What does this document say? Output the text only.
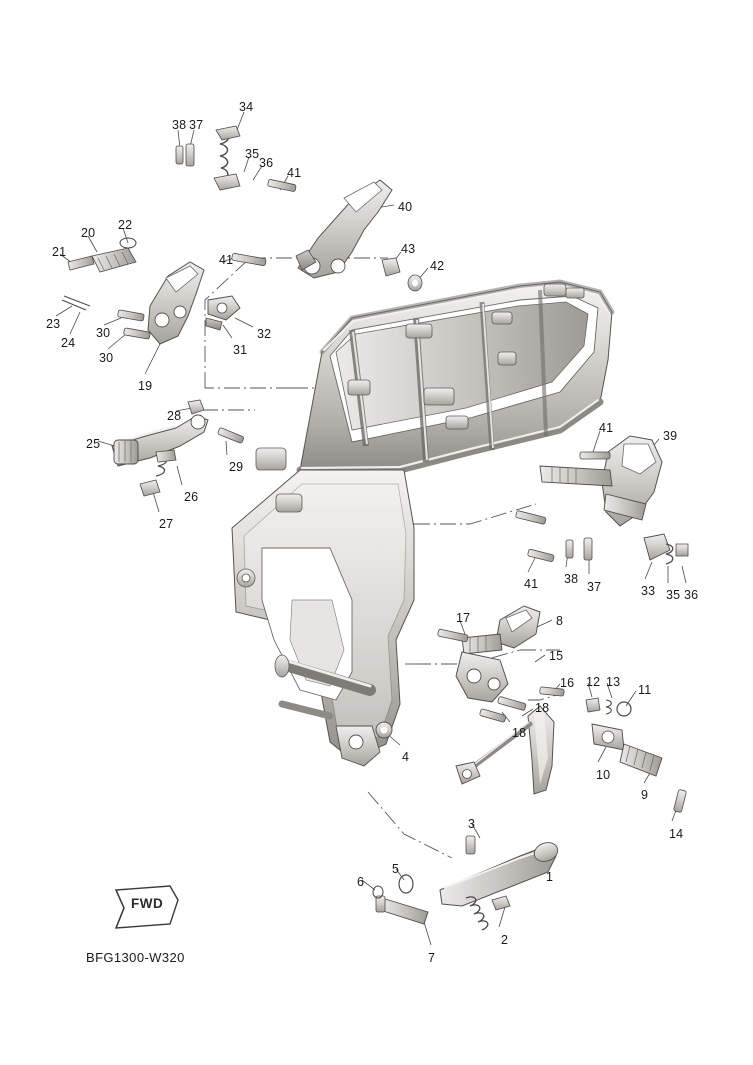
FWD
BFG1300-W320
38 37
34
35
36
41
40
22
20
21
41
43
42
23
24
30
30
32
31
19
28
25
29
26
27
41
39
41 38
37	33 35 36
17	8
15
16 12 13
11
18
18
10
9
14
4
3
1
5
6
2
7
